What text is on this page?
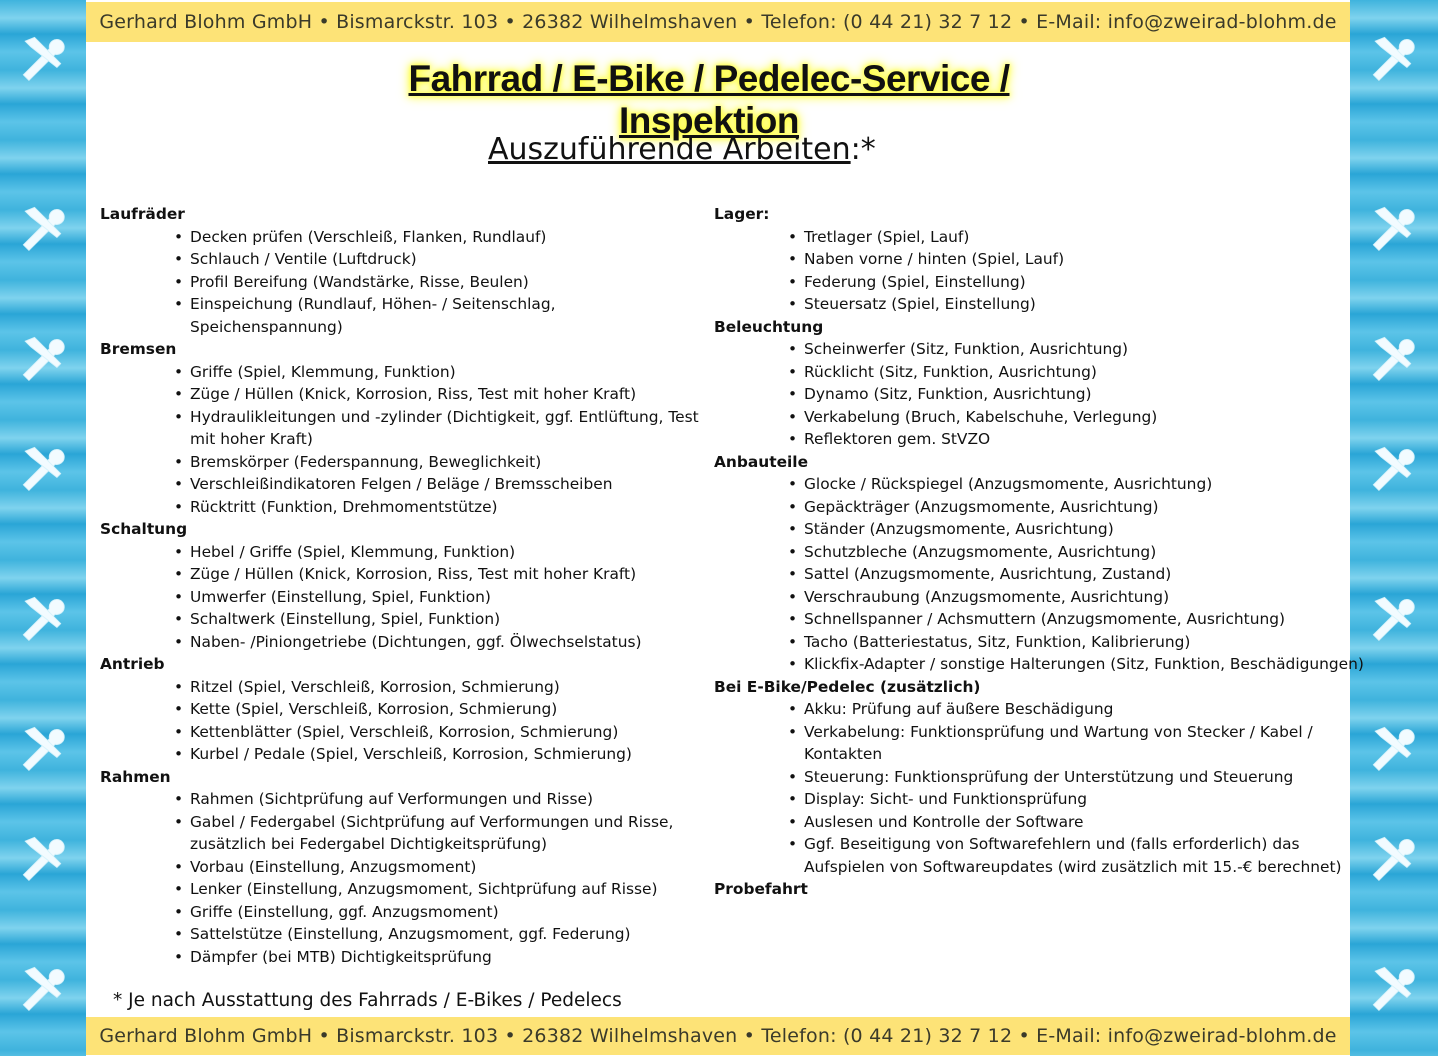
Gerhard Blohm GmbH • Bismarckstr. 103 • 26382 Wilhelmshaven • Telefon: (0 44 21) 32 7 12 • E-Mail: info@zweirad-blohm.de
Fahrrad / E-Bike / Pedelec-Service / Inspektion
Auszuführende Arbeiten:*
Laufräder
• Decken prüfen (Verschleiß, Flanken, Rundlauf)
• Schlauch / Ventile (Luftdruck)
• Profil Bereifung (Wandstärke, Risse, Beulen)
• Einspeichung (Rundlauf, Höhen- / Seitenschlag, Speichenspannung)
Bremsen
• Griffe (Spiel, Klemmung, Funktion)
• Züge / Hüllen (Knick, Korrosion, Riss, Test mit hoher Kraft)
• Hydraulikleitungen und -zylinder (Dichtigkeit, ggf. Entlüftung, Test mit hoher Kraft)
• Bremskörper (Federspannung, Beweglichkeit)
• Verschleißindikatoren Felgen / Beläge / Bremsscheiben
• Rücktritt (Funktion, Drehmomentstütze)
Schaltung
• Hebel / Griffe (Spiel, Klemmung, Funktion)
• Züge / Hüllen (Knick, Korrosion, Riss, Test mit hoher Kraft)
• Umwerfer (Einstellung, Spiel, Funktion)
• Schaltwerk (Einstellung, Spiel, Funktion)
• Naben- /Piniongetriebe (Dichtungen, ggf. Ölwechselstatus)
Antrieb
• Ritzel (Spiel, Verschleiß, Korrosion, Schmierung)
• Kette (Spiel, Verschleiß, Korrosion, Schmierung)
• Kettenblätter (Spiel, Verschleiß, Korrosion, Schmierung)
• Kurbel / Pedale (Spiel, Verschleiß, Korrosion, Schmierung)
Rahmen
• Rahmen (Sichtprüfung auf Verformungen und Risse)
• Gabel / Federgabel (Sichtprüfung auf Verformungen und Risse, zusätzlich bei Federgabel Dichtigkeitsprüfung)
• Vorbau (Einstellung, Anzugsmoment)
• Lenker (Einstellung, Anzugsmoment, Sichtprüfung auf Risse)
• Griffe (Einstellung, ggf. Anzugsmoment)
• Sattelstütze (Einstellung, Anzugsmoment, ggf. Federung)
• Dämpfer (bei MTB) Dichtigkeitsprüfung
Lager:
• Tretlager (Spiel, Lauf)
• Naben vorne / hinten (Spiel, Lauf)
• Federung (Spiel, Einstellung)
• Steuersatz (Spiel, Einstellung)
Beleuchtung
• Scheinwerfer (Sitz, Funktion, Ausrichtung)
• Rücklicht (Sitz, Funktion, Ausrichtung)
• Dynamo (Sitz, Funktion, Ausrichtung)
• Verkabelung (Bruch, Kabelschuhe, Verlegung)
• Reflektoren gem. StVZO
Anbauteile
• Glocke / Rückspiegel (Anzugsmomente, Ausrichtung)
• Gepäckträger (Anzugsmomente, Ausrichtung)
• Ständer (Anzugsmomente, Ausrichtung)
• Schutzbleche (Anzugsmomente, Ausrichtung)
• Sattel (Anzugsmomente, Ausrichtung, Zustand)
• Verschraubung (Anzugsmomente, Ausrichtung)
• Schnellspanner / Achsmuttern (Anzugsmomente, Ausrichtung)
• Tacho (Batteriestatus, Sitz, Funktion, Kalibrierung)
• Klickfix-Adapter / sonstige Halterungen (Sitz, Funktion, Beschädigungen)
Bei E-Bike/Pedelec (zusätzlich)
• Akku: Prüfung auf äußere Beschädigung
• Verkabelung: Funktionsprüfung und Wartung von Stecker / Kabel / Kontakten
• Steuerung: Funktionsprüfung der Unterstützung und Steuerung
• Display: Sicht- und Funktionsprüfung
• Auslesen und Kontrolle der Software
• Ggf. Beseitigung von Softwarefehlern und (falls erforderlich) das Aufspielen von Softwareupdates (wird zusätzlich mit 15.-€ berechnet)
Probefahrt
* Je nach Ausstattung des Fahrrads / E-Bikes / Pedelecs
Gerhard Blohm GmbH • Bismarckstr. 103 • 26382 Wilhelmshaven • Telefon: (0 44 21) 32 7 12 • E-Mail: info@zweirad-blohm.de
